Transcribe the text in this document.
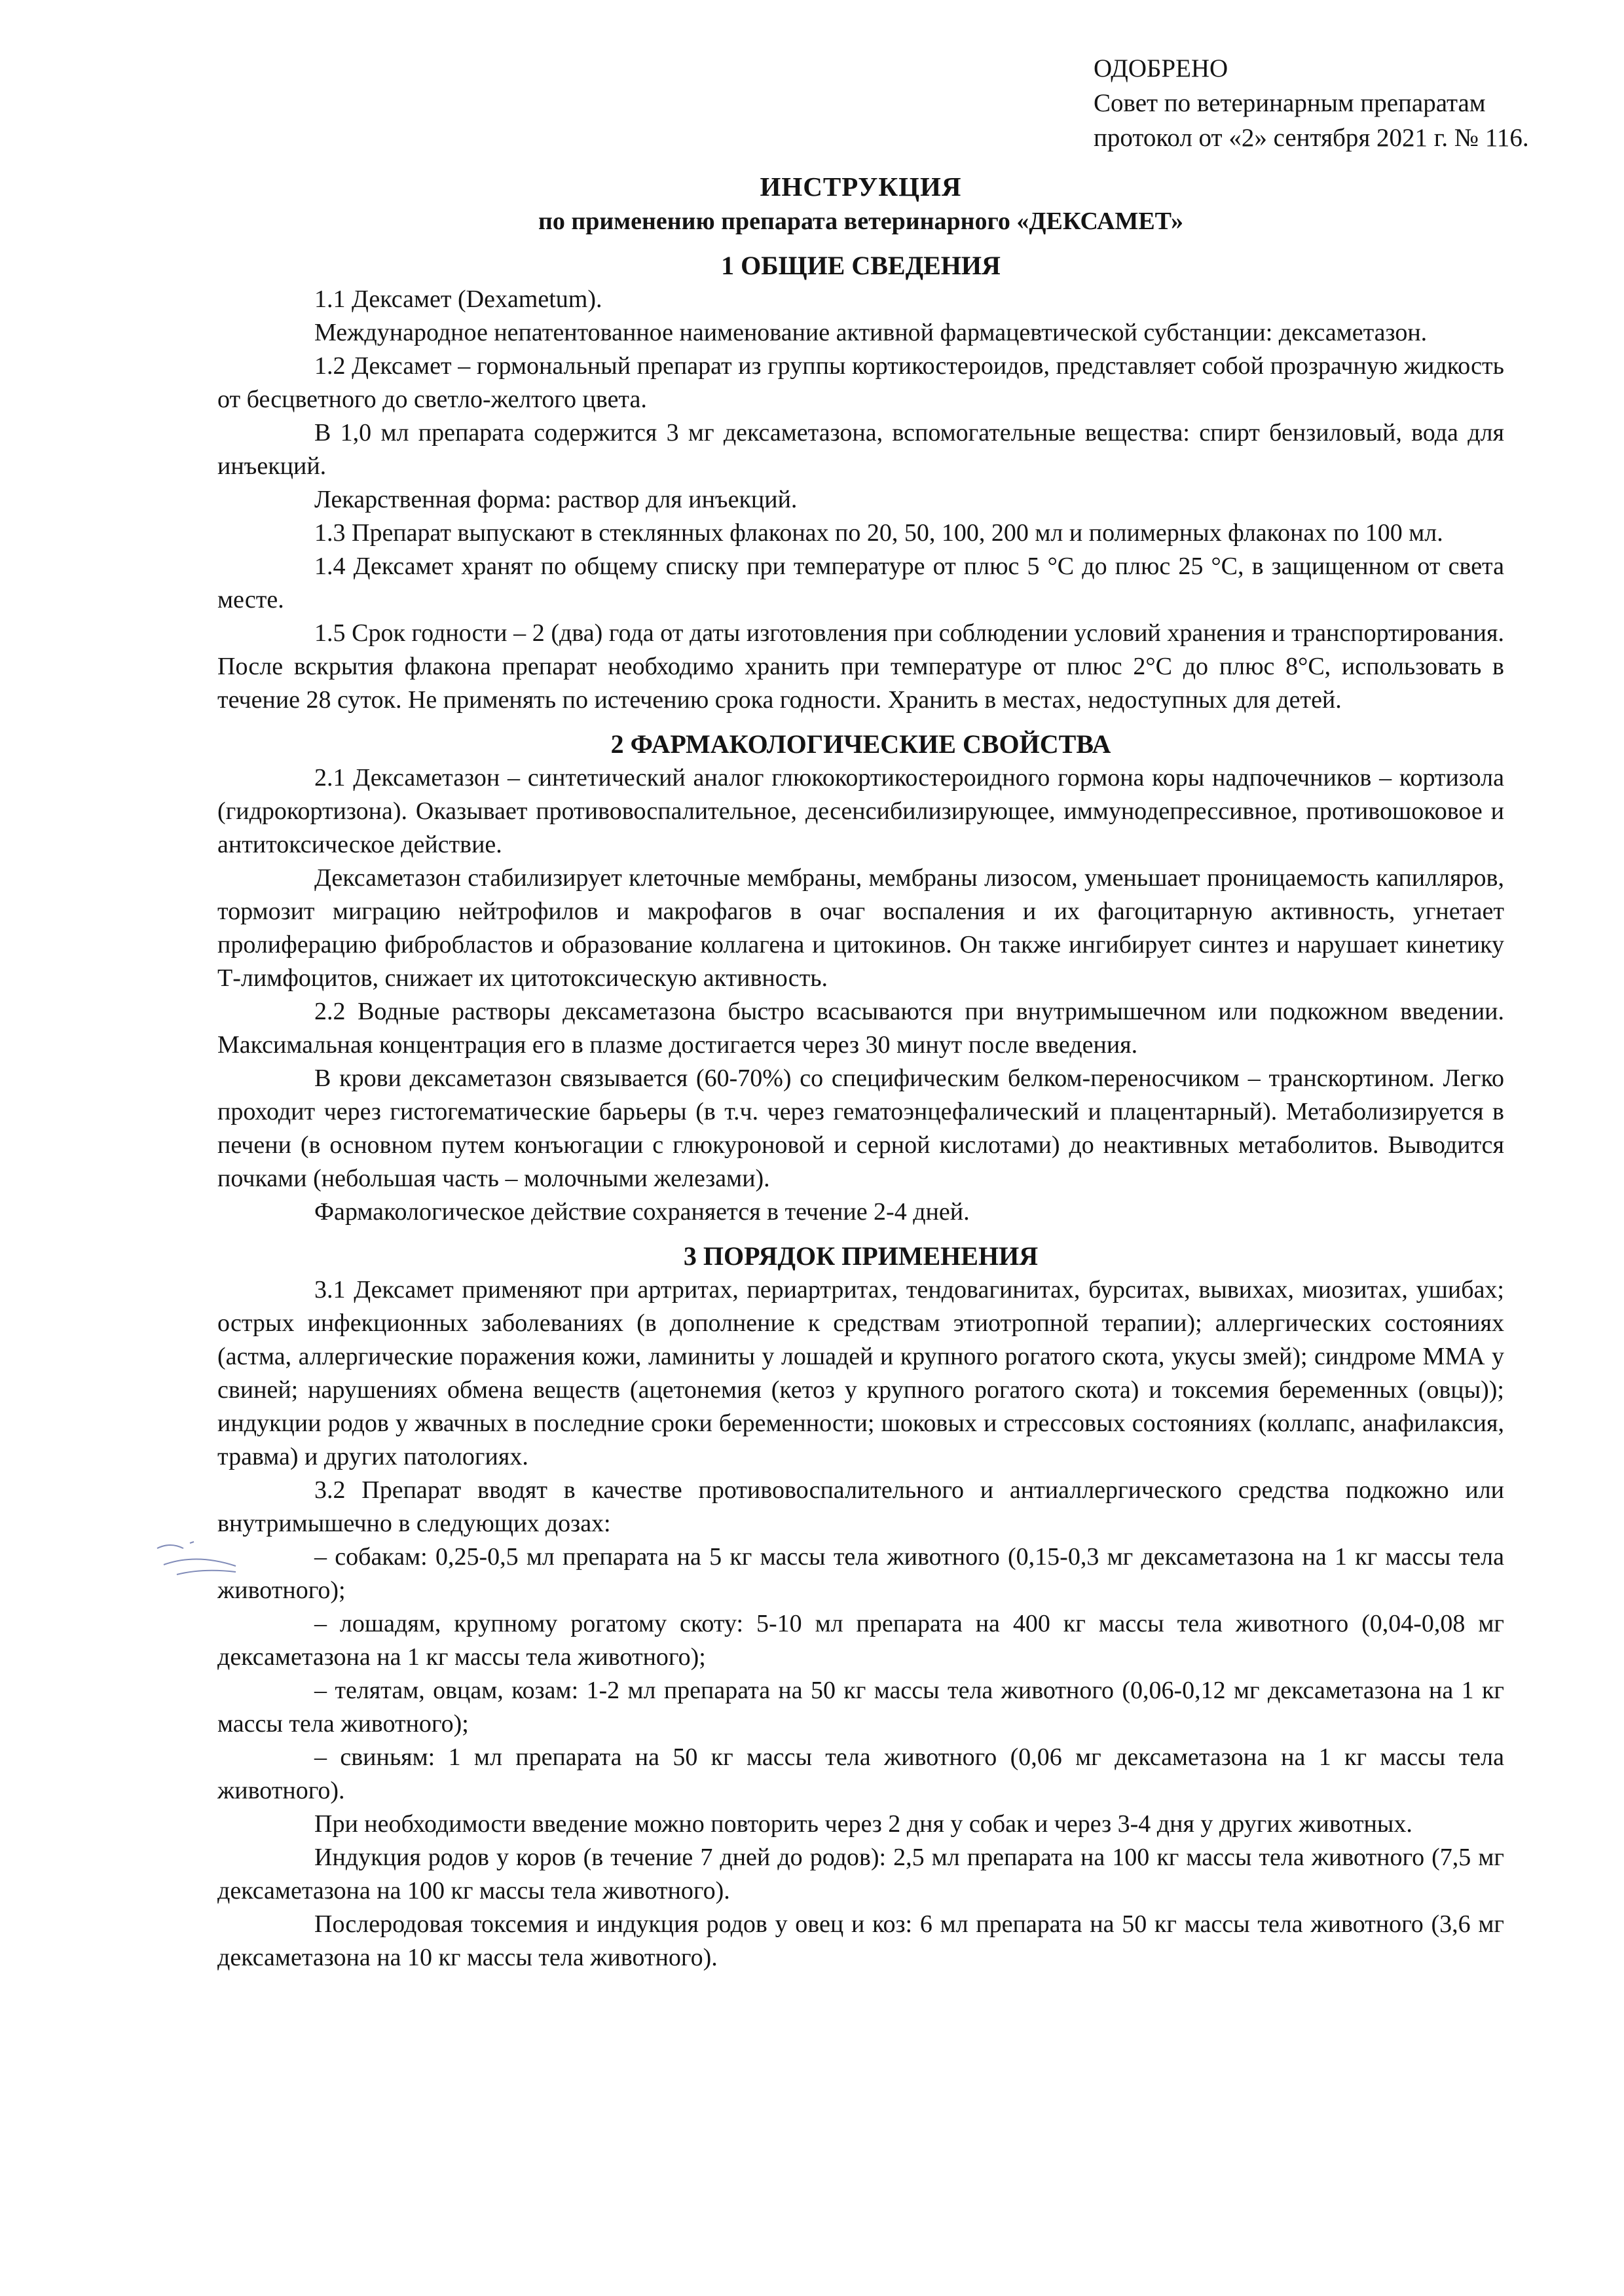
ОДОБРЕНО
Совет по ветеринарным препаратам
протокол от «2» сентября 2021 г. № 116.
ИНСТРУКЦИЯ
по применению препарата ветеринарного «ДЕКСАМЕТ»
1 ОБЩИЕ СВЕДЕНИЯ

1.1 Дексамет (Dexametum).

Международное непатентованное наименование активной фармацевтической субстанции: дексаметазон.

1.2 Дексамет – гормональный препарат из группы кортикостероидов, представляет собой прозрачную жидкость от бесцветного до светло-желтого цвета.

В 1,0 мл препарата содержится 3 мг дексаметазона, вспомогательные вещества: спирт бензиловый, вода для инъекций.

Лекарственная форма: раствор для инъекций.

1.3 Препарат выпускают в стеклянных флаконах по 20, 50, 100, 200 мл и полимерных флаконах по 100 мл.

1.4 Дексамет хранят по общему списку при температуре от плюс 5 °C до плюс 25 °C, в защищенном от света месте.

1.5 Срок годности – 2 (два) года от даты изготовления при соблюдении условий хранения и транспортирования. После вскрытия флакона препарат необходимо хранить при температуре от плюс 2°C до плюс 8°C, использовать в течение 28 суток. Не применять по истечению срока годности. Хранить в местах, недоступных для детей.

2 ФАРМАКОЛОГИЧЕСКИЕ СВОЙСТВА

2.1 Дексаметазон – синтетический аналог глюкокортикостероидного гормона коры надпочечников – кортизола (гидрокортизона). Оказывает противовоспалительное, десенсибилизирующее, иммунодепрессивное, противошоковое и антитоксическое действие.

Дексаметазон стабилизирует клеточные мембраны, мембраны лизосом, уменьшает проницаемость капилляров, тормозит миграцию нейтрофилов и макрофагов в очаг воспаления и их фагоцитарную активность, угнетает пролиферацию фибробластов и образование коллагена и цитокинов. Он также ингибирует синтез и нарушает кинетику Т-лимфоцитов, снижает их цитотоксическую активность.

2.2 Водные растворы дексаметазона быстро всасываются при внутримышечном или подкожном введении. Максимальная концентрация его в плазме достигается через 30 минут после введения.

В крови дексаметазон связывается (60-70%) со специфическим белком-переносчиком – транскортином. Легко проходит через гистогематические барьеры (в т.ч. через гематоэнцефалический и плацентарный). Метаболизируется в печени (в основном путем конъюгации с глюкуроновой и серной кислотами) до неактивных метаболитов. Выводится почками (небольшая часть – молочными железами).

Фармакологическое действие сохраняется в течение 2-4 дней.

3 ПОРЯДОК ПРИМЕНЕНИЯ

3.1 Дексамет применяют при артритах, периартритах, тендовагинитах, бурситах, вывихах, миозитах, ушибах; острых инфекционных заболеваниях (в дополнение к средствам этиотропной терапии); аллергических состояниях (астма, аллергические поражения кожи, ламиниты у лошадей и крупного рогатого скота, укусы змей); синдроме ММА у свиней; нарушениях обмена веществ (ацетонемия (кетоз у крупного рогатого скота) и токсемия беременных (овцы)); индукции родов у жвачных в последние сроки беременности; шоковых и стрессовых состояниях (коллапс, анафилаксия, травма) и других патологиях.

3.2 Препарат вводят в качестве противовоспалительного и антиаллергического средства подкожно или внутримышечно в следующих дозах:

– собакам: 0,25-0,5 мл препарата на 5 кг массы тела животного (0,15-0,3 мг дексаметазона на 1 кг массы тела животного);

– лошадям, крупному рогатому скоту: 5-10 мл препарата на 400 кг массы тела животного (0,04-0,08 мг дексаметазона на 1 кг массы тела животного);

– телятам, овцам, козам: 1-2 мл препарата на 50 кг массы тела животного (0,06-0,12 мг дексаметазона на 1 кг массы тела животного);

– свиньям: 1 мл препарата на 50 кг массы тела животного (0,06 мг дексаметазона на 1 кг массы тела животного).

При необходимости введение можно повторить через 2 дня у собак и через 3-4 дня у других животных.

Индукция родов у коров (в течение 7 дней до родов): 2,5 мл препарата на 100 кг массы тела животного (7,5 мг дексаметазона на 100 кг массы тела животного).

Послеродовая токсемия и индукция родов у овец и коз: 6 мл препарата на 50 кг массы тела животного (3,6 мг дексаметазона на 10 кг массы тела животного).
